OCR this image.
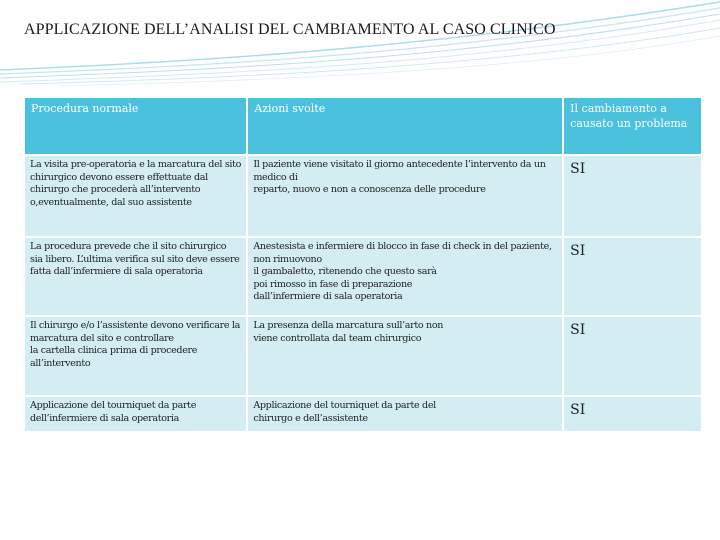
APPLICAZIONE DELL’ANALISI DEL CAMBIAMENTO AL CASO CLINICO
Procedura normale	Azioni svolte	Il cambiamento a causato un problema

La visita pre-operatoria e la marcatura del sito chirurgico devono essere effettuate dal chirurgo che procederà all’intervento o,eventualmente, dal suo assistente	Il paziente viene visitato il giorno antecedente l’intervento da un medico di
reparto, nuovo e non a conoscenza delle procedure	SI

La procedura prevede che il sito chirurgico sia libero. L’ultima verifica sul sito deve essere fatta dall’infermiere di sala operatoria	Anestesista e infermiere di blocco in fase di check in del paziente, non rimuovono
il gambaletto, ritenendo che questo sarà
poi rimosso in fase di preparazione
dall’infermiere di sala operatoria	SI

Il chirurgo e/o l’assistente devono verificare la marcatura del sito e controllare
la cartella clinica prima di procedere all’intervento	La presenza della marcatura sull’arto non
viene controllata dal team chirurgico	SI

Applicazione del tourniquet da parte dell’infermiere di sala operatoria	Applicazione del tourniquet da parte del
chirurgo e dell’assistente	SI
